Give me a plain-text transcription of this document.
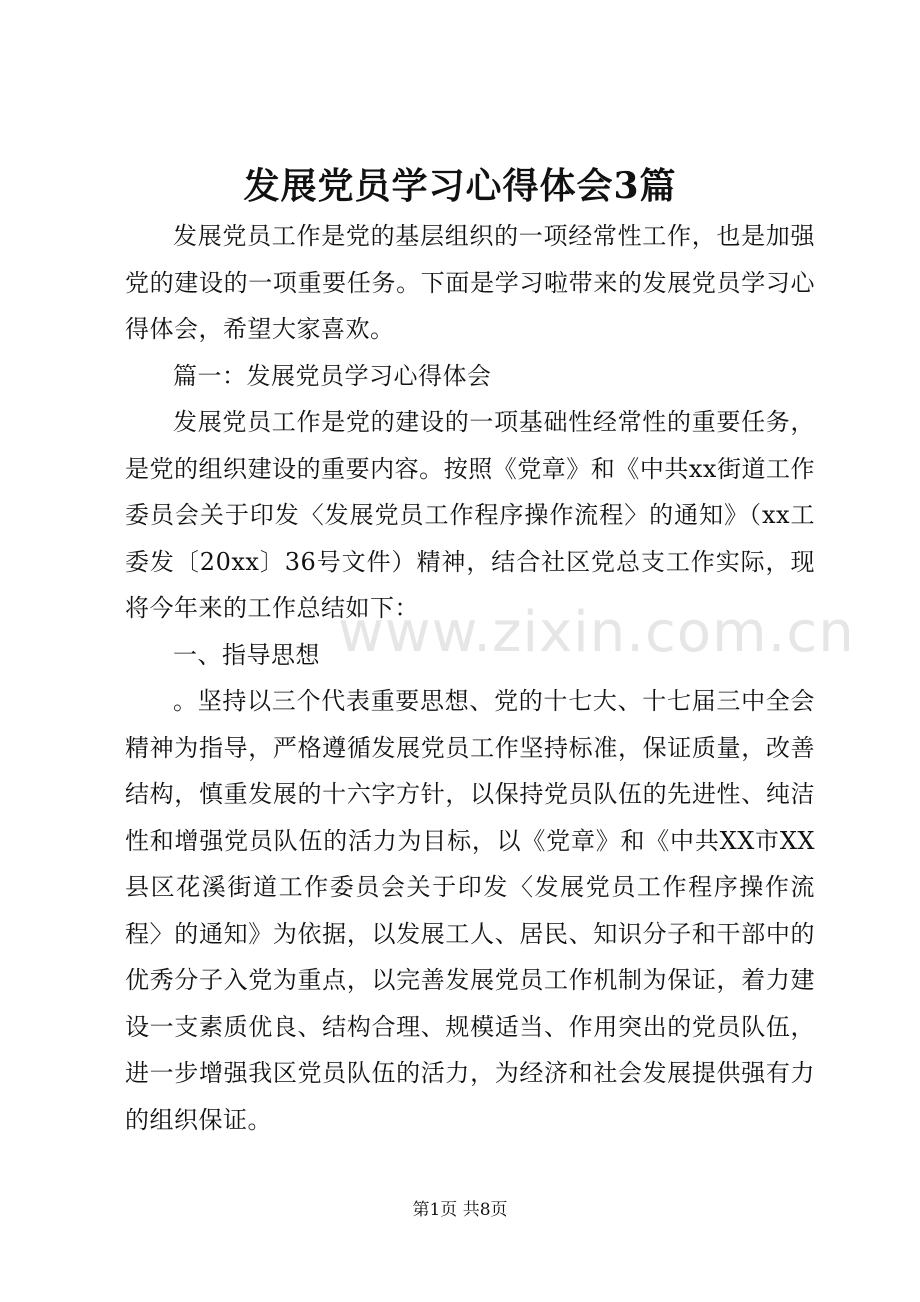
发展党员学习心得体会3篇

发展党员工作是党的基层组织的一项经常性工作，也是加强党的建设的一项重要任务。下面是学习啦带来的发展党员学习心得体会，希望大家喜欢。

篇一：发展党员学习心得体会

发展党员工作是党的建设的一项基础性经常性的重要任务，是党的组织建设的重要内容。按照《党章》和《中共xx街道工作委员会关于印发〈发展党员工作程序操作流程〉的通知》（xx工委发〔20xx〕36号文件）精神，结合社区党总支工作实际，现将今年来的工作总结如下：

一、指导思想

。坚持以三个代表重要思想、党的十七大、十七届三中全会精神为指导，严格遵循发展党员工作坚持标准，保证质量，改善结构，慎重发展的十六字方针，以保持党员队伍的先进性、纯洁性和增强党员队伍的活力为目标，以《党章》和《中共XX市XX县区花溪街道工作委员会关于印发〈发展党员工作程序操作流程〉的通知》为依据，以发展工人、居民、知识分子和干部中的优秀分子入党为重点，以完善发展党员工作机制为保证，着力建设一支素质优良、结构合理、规模适当、作用突出的党员队伍，进一步增强我区党员队伍的活力，为经济和社会发展提供强有力的组织保证。

www.zixin.com.cn
第1页 共8页
